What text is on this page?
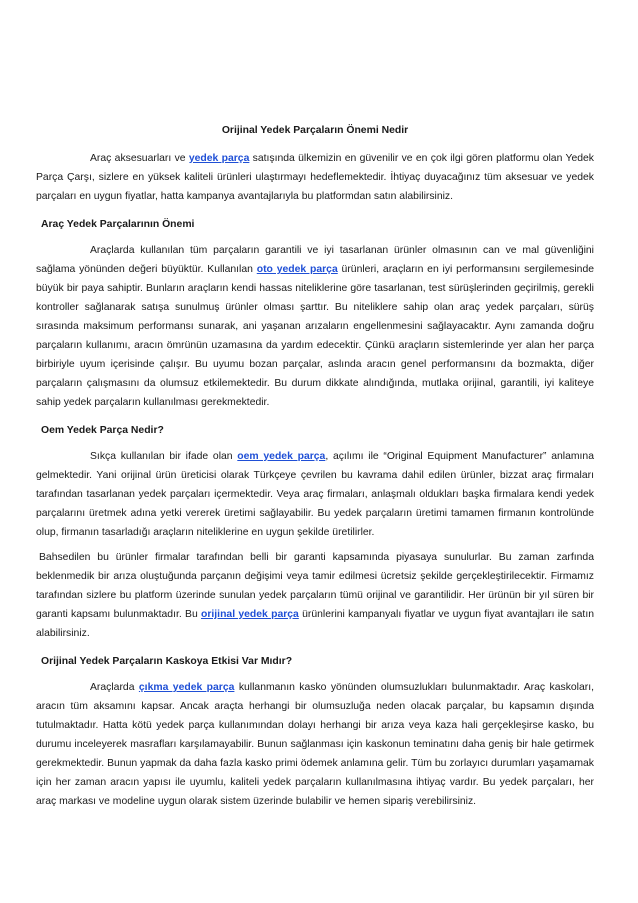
Orijinal Yedek Parçaların Önemi Nedir

Araç aksesuarları ve yedek parça satışında ülkemizin en güvenilir ve en çok ilgi gören platformu olan Yedek Parça Çarşı, sizlere en yüksek kaliteli ürünleri ulaştırmayı hedeflemektedir. İhtiyaç duyacağınız tüm aksesuar ve yedek parçaları en uygun fiyatlar, hatta kampanya avantajlarıyla bu platformdan satın alabilirsiniz.

Araç Yedek Parçalarının Önemi

Araçlarda kullanılan tüm parçaların garantili ve iyi tasarlanan ürünler olmasının can ve mal güvenliğini sağlama yönünden değeri büyüktür. Kullanılan oto yedek parça ürünleri, araçların en iyi performansını sergilemesinde büyük bir paya sahiptir. Bunların araçların kendi hassas niteliklerine göre tasarlanan, test sürüşlerinden geçirilmiş, gerekli kontroller sağlanarak satışa sunulmuş ürünler olması şarttır. Bu niteliklere sahip olan araç yedek parçaları, sürüş sırasında maksimum performansı sunarak, ani yaşanan arızaların engellenmesini sağlayacaktır. Aynı zamanda doğru parçaların kullanımı, aracın ömrünün uzamasına da yardım edecektir. Çünkü araçların sistemlerinde yer alan her parça birbiriyle uyum içerisinde çalışır. Bu uyumu bozan parçalar, aslında aracın genel performansını da bozmakta, diğer parçaların çalışmasını da olumsuz etkilemektedir. Bu durum dikkate alındığında, mutlaka orijinal, garantili, iyi kaliteye sahip yedek parçaların kullanılması gerekmektedir.

Oem Yedek Parça Nedir?

Sıkça kullanılan bir ifade olan oem yedek parça, açılımı ile “Original Equipment Manufacturer” anlamına gelmektedir. Yani orijinal ürün üreticisi olarak Türkçeye çevrilen bu kavrama dahil edilen ürünler, bizzat araç firmaları tarafından tasarlanan yedek parçaları içermektedir. Veya araç firmaları, anlaşmalı oldukları başka firmalara kendi yedek parçalarını üretmek adına yetki vererek üretimi sağlayabilir. Bu yedek parçaların üretimi tamamen firmanın kontrolünde olup, firmanın tasarladığı araçların niteliklerine en uygun şekilde üretilirler.

Bahsedilen bu ürünler firmalar tarafından belli bir garanti kapsamında piyasaya sunulurlar. Bu zaman zarfında beklenmedik bir arıza oluştuğunda parçanın değişimi veya tamir edilmesi ücretsiz şekilde gerçekleştirilecektir. Firmamız tarafından sizlere bu platform üzerinde sunulan yedek parçaların tümü orijinal ve garantilidir. Her ürünün bir yıl süren bir garanti kapsamı bulunmaktadır. Bu orijinal yedek parça ürünlerini kampanyalı fiyatlar ve uygun fiyat avantajları ile satın alabilirsiniz.

Orijinal Yedek Parçaların Kaskoya Etkisi Var Mıdır?

Araçlarda çıkma yedek parça kullanmanın kasko yönünden olumsuzlukları bulunmaktadır. Araç kaskoları, aracın tüm aksamını kapsar. Ancak araçta herhangi bir olumsuzluğa neden olacak parçalar, bu kapsamın dışında tutulmaktadır. Hatta kötü yedek parça kullanımından dolayı herhangi bir arıza veya kaza hali gerçekleşirse kasko, bu durumu inceleyerek masrafları karşılamayabilir. Bunun sağlanması için kaskonun teminatını daha geniş bir hale getirmek gerekmektedir. Bunun yapmak da daha fazla kasko primi ödemek anlamına gelir. Tüm bu zorlayıcı durumları yaşamamak için her zaman aracın yapısı ile uyumlu, kaliteli yedek parçaların kullanılmasına ihtiyaç vardır. Bu yedek parçaları, her araç markası ve modeline uygun olarak sistem üzerinde bulabilir ve hemen sipariş verebilirsiniz.
